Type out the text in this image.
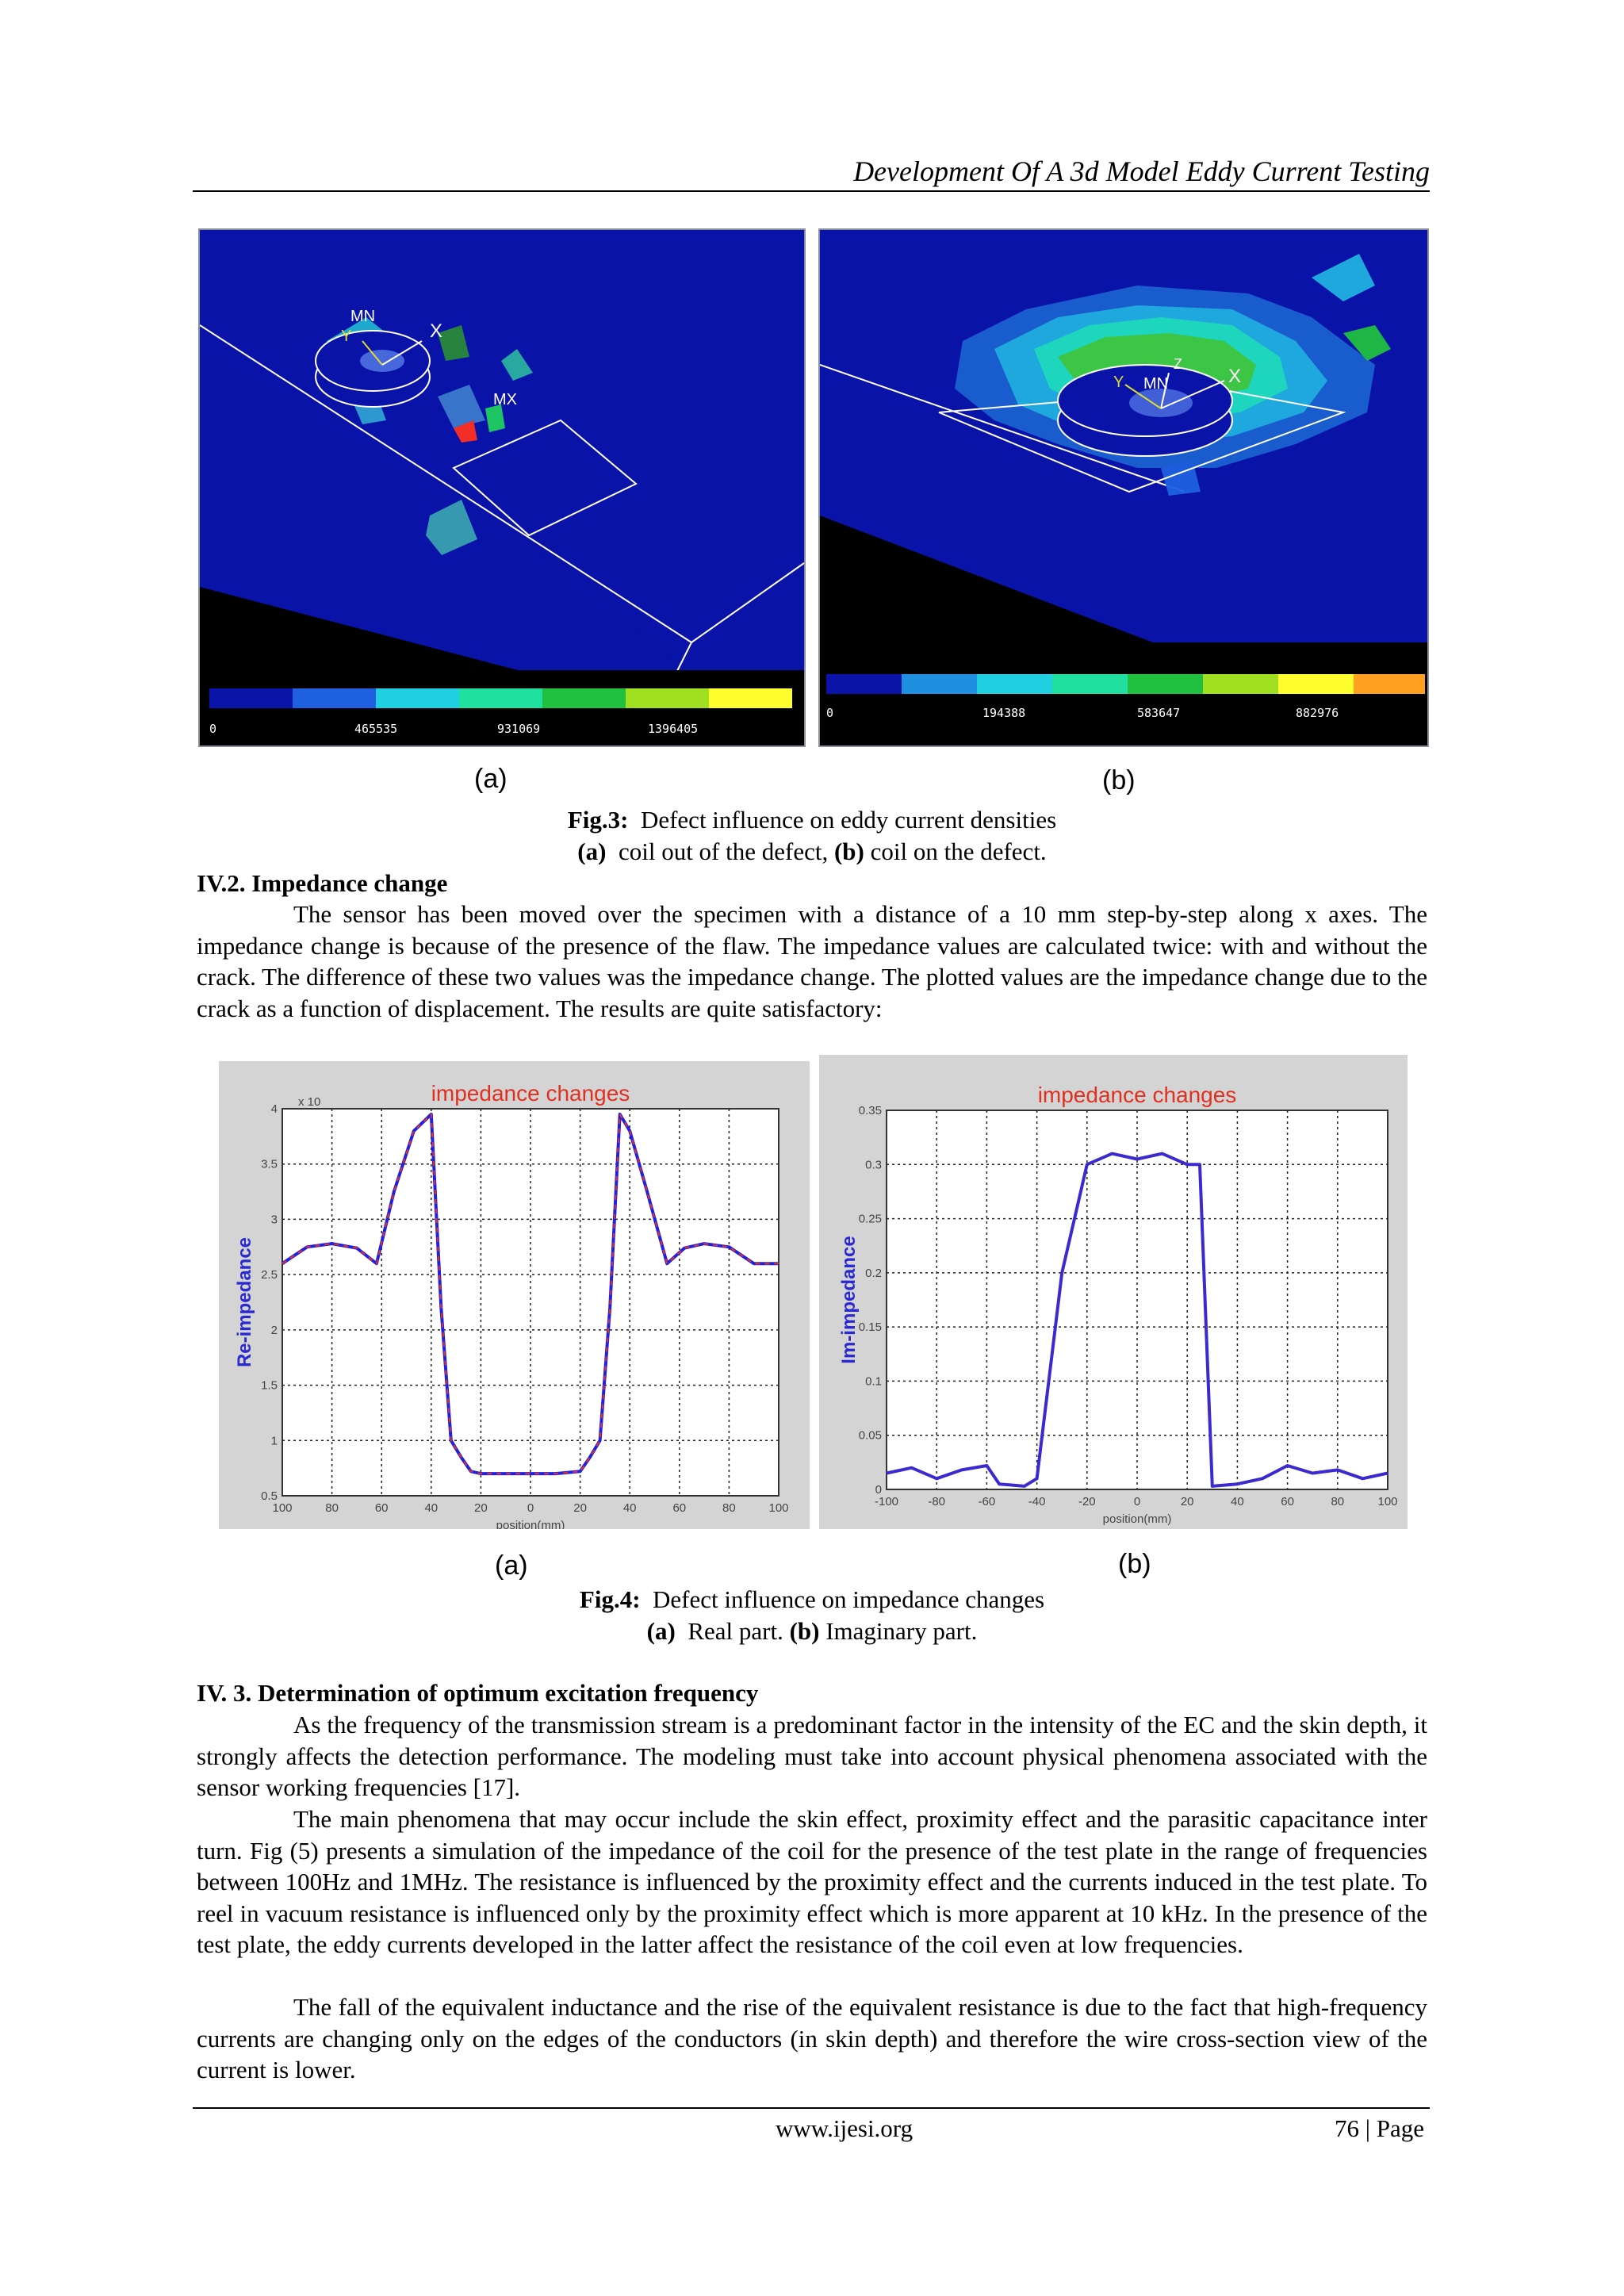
Development Of A 3d Model Eddy Current Testing
MN
X
Y
MX
0	465535	931069	1396405
MN	X
Y
Z
0	194388	583647	882976
(a)	(b)
Fig.3: Defect influence on eddy current densities
(a) coil out of the defect, (b) coil on the defect.
IV.2. Impedance change
The sensor has been moved over the specimen with a distance of a 10 mm step-by-step along x axes. The impedance change is because of the presence of the flaw. The impedance values are calculated twice: with and without the crack. The difference of these two values was the impedance change. The plotted values are the impedance change due to the crack as a function of displacement. The results are quite satisfactory:
100	80	60	40	20	0	20	40	60	80	100
0.5
1
1.5
2
2.5
3
3.5
4
impedance changes
Re-impedance
position(mm)
x 10
-100 -80	-60	-40	-20	0	20	40	60	80	100
0
0.05
0.1
0.15
0.2
0.25
0.3
0.35
impedance changes
Im-impedance
position(mm)
(a)	(b)
Fig.4: Defect influence on impedance changes
(a) Real part. (b) Imaginary part.
IV. 3. Determination of optimum excitation frequency
As the frequency of the transmission stream is a predominant factor in the intensity of the EC and the skin depth, it strongly affects the detection performance. The modeling must take into account physical phenomena associated with the sensor working frequencies [17].
The main phenomena that may occur include the skin effect, proximity effect and the parasitic capacitance inter turn. Fig (5) presents a simulation of the impedance of the coil for the presence of the test plate in the range of frequencies between 100Hz and 1MHz. The resistance is influenced by the proximity effect and the currents induced in the test plate. To reel in vacuum resistance is influenced only by the proximity effect which is more apparent at 10 kHz. In the presence of the test plate, the eddy currents developed in the latter affect the resistance of the coil even at low frequencies.
The fall of the equivalent inductance and the rise of the equivalent resistance is due to the fact that high-frequency currents are changing only on the edges of the conductors (in skin depth) and therefore the wire cross-section view of the current is lower.
www.ijesi.org	76 | Page
